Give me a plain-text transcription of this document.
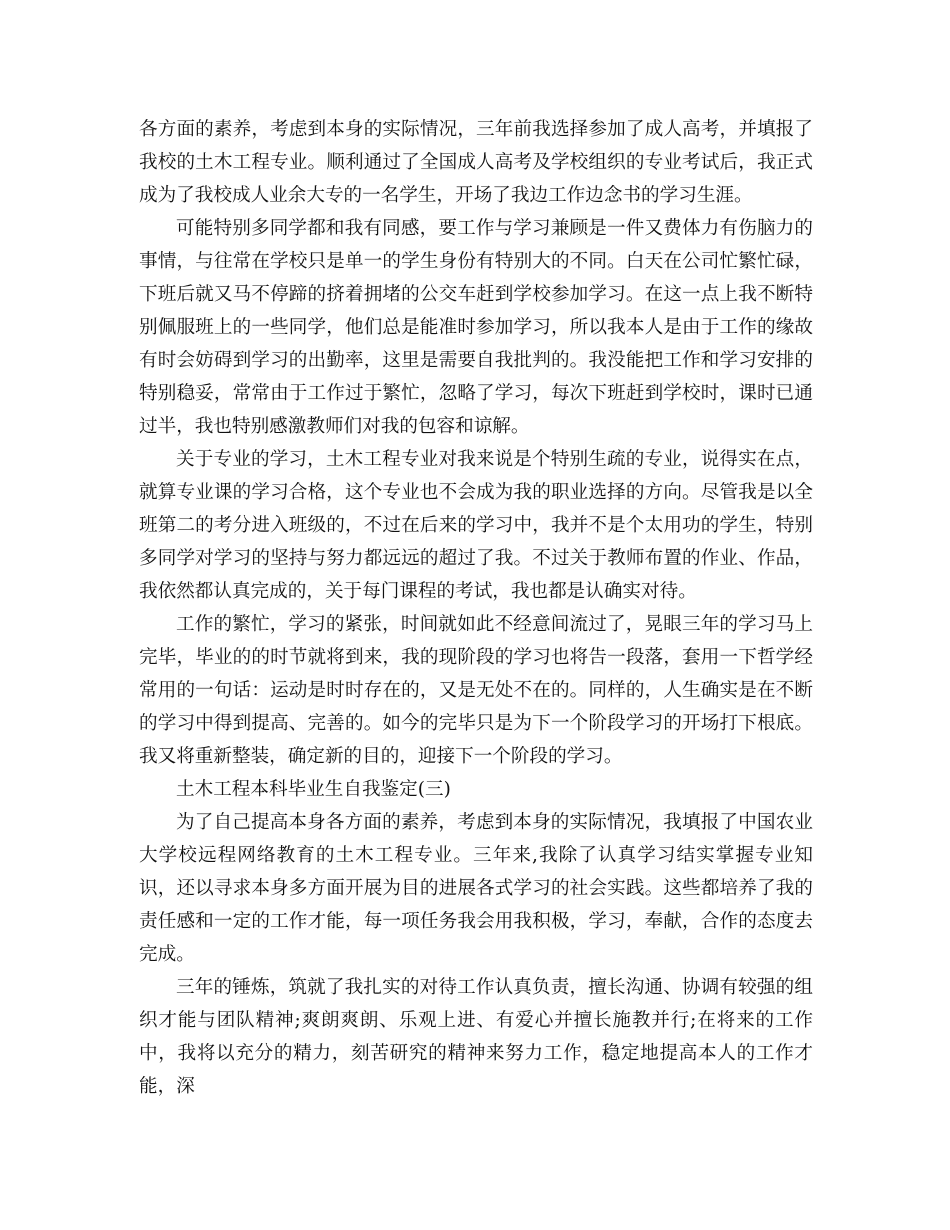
各方面的素养，考虑到本身的实际情况，三年前我选择参加了成人高考，并填报了我校的土木工程专业。顺利通过了全国成人高考及学校组织的专业考试后，我正式成为了我校成人业余大专的一名学生，开场了我边工作边念书的学习生涯。

可能特别多同学都和我有同感，要工作与学习兼顾是一件又费体力有伤脑力的事情，与往常在学校只是单一的学生身份有特别大的不同。白天在公司忙繁忙碌，下班后就又马不停蹄的挤着拥堵的公交车赶到学校参加学习。在这一点上我不断特别佩服班上的一些同学，他们总是能准时参加学习，所以我本人是由于工作的缘故有时会妨碍到学习的出勤率，这里是需要自我批判的。我没能把工作和学习安排的特别稳妥，常常由于工作过于繁忙，忽略了学习，每次下班赶到学校时，课时已通过半，我也特别感激教师们对我的包容和谅解。

关于专业的学习，土木工程专业对我来说是个特别生疏的专业，说得实在点，就算专业课的学习合格，这个专业也不会成为我的职业选择的方向。尽管我是以全班第二的考分进入班级的，不过在后来的学习中，我并不是个太用功的学生，特别多同学对学习的坚持与努力都远远的超过了我。不过关于教师布置的作业、作品，我依然都认真完成的，关于每门课程的考试，我也都是认确实对待。

工作的繁忙，学习的紧张，时间就如此不经意间流过了，晃眼三年的学习马上完毕，毕业的的时节就将到来，我的现阶段的学习也将告一段落，套用一下哲学经常用的一句话：运动是时时存在的，又是无处不在的。同样的，人生确实是在不断的学习中得到提高、完善的。如今的完毕只是为下一个阶段学习的开场打下根底。我又将重新整装，确定新的目的，迎接下一个阶段的学习。

土木工程本科毕业生自我鉴定(三)

为了自己提高本身各方面的素养，考虑到本身的实际情况，我填报了中国农业大学校远程网络教育的土木工程专业。三年来,我除了认真学习结实掌握专业知识，还以寻求本身多方面开展为目的进展各式学习的社会实践。这些都培养了我的责任感和一定的工作才能，每一项任务我会用我积极，学习，奉献，合作的态度去完成。

三年的锤炼，筑就了我扎实的对待工作认真负责，擅长沟通、协调有较强的组织才能与团队精神;爽朗爽朗、乐观上进、有爱心并擅长施教并行;在将来的工作中，我将以充分的精力，刻苦研究的精神来努力工作，稳定地提高本人的工作才能，深
